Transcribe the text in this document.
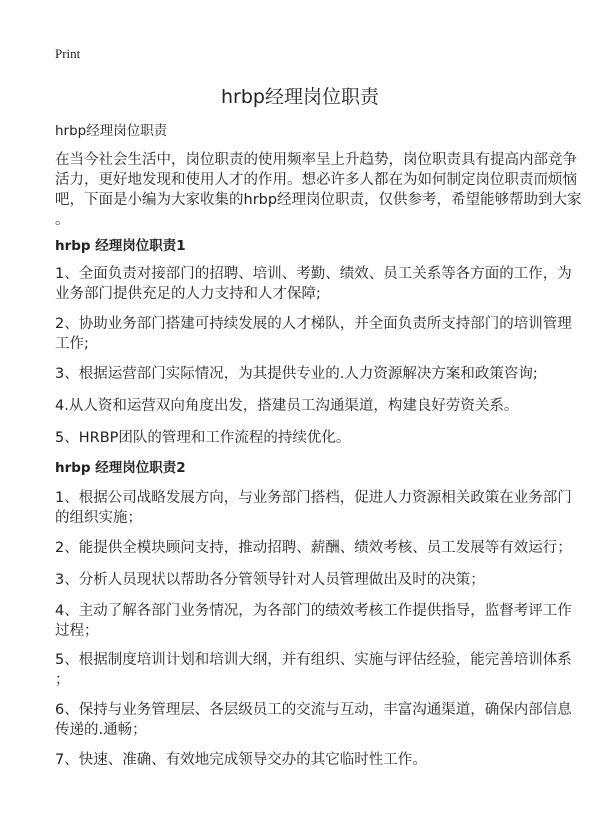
Print
hrbp经理岗位职责
hrbp经理岗位职责
在当今社会生活中，岗位职责的使用频率呈上升趋势，岗位职责具有提高内部竞争
活力，更好地发现和使用人才的作用。想必许多人都在为如何制定岗位职责而烦恼
吧，下面是小编为大家收集的hrbp经理岗位职责，仅供参考，希望能够帮助到大家
。
hrbp 经理岗位职责1
1、全面负责对接部门的招聘、培训、考勤、绩效、员工关系等各方面的工作，为
业务部门提供充足的人力支持和人才保障;
2、协助业务部门搭建可持续发展的人才梯队，并全面负责所支持部门的培训管理
工作;
3、根据运营部门实际情况，为其提供专业的.人力资源解决方案和政策咨询;
4.从人资和运营双向角度出发，搭建员工沟通渠道，构建良好劳资关系。
5、HRBP团队的管理和工作流程的持续优化。
hrbp 经理岗位职责2
1、根据公司战略发展方向，与业务部门搭档，促进人力资源相关政策在业务部门
的组织实施；
2、能提供全模块顾问支持，推动招聘、薪酬、绩效考核、员工发展等有效运行；
3、分析人员现状以帮助各分管领导针对人员管理做出及时的决策；
4、主动了解各部门业务情况，为各部门的绩效考核工作提供指导，监督考评工作
过程；
5、根据制度培训计划和培训大纲，并有组织、实施与评估经验，能完善培训体系
；
6、保持与业务管理层、各层级员工的交流与互动，丰富沟通渠道，确保内部信息
传递的.通畅；
7、快速、准确、有效地完成领导交办的其它临时性工作。
